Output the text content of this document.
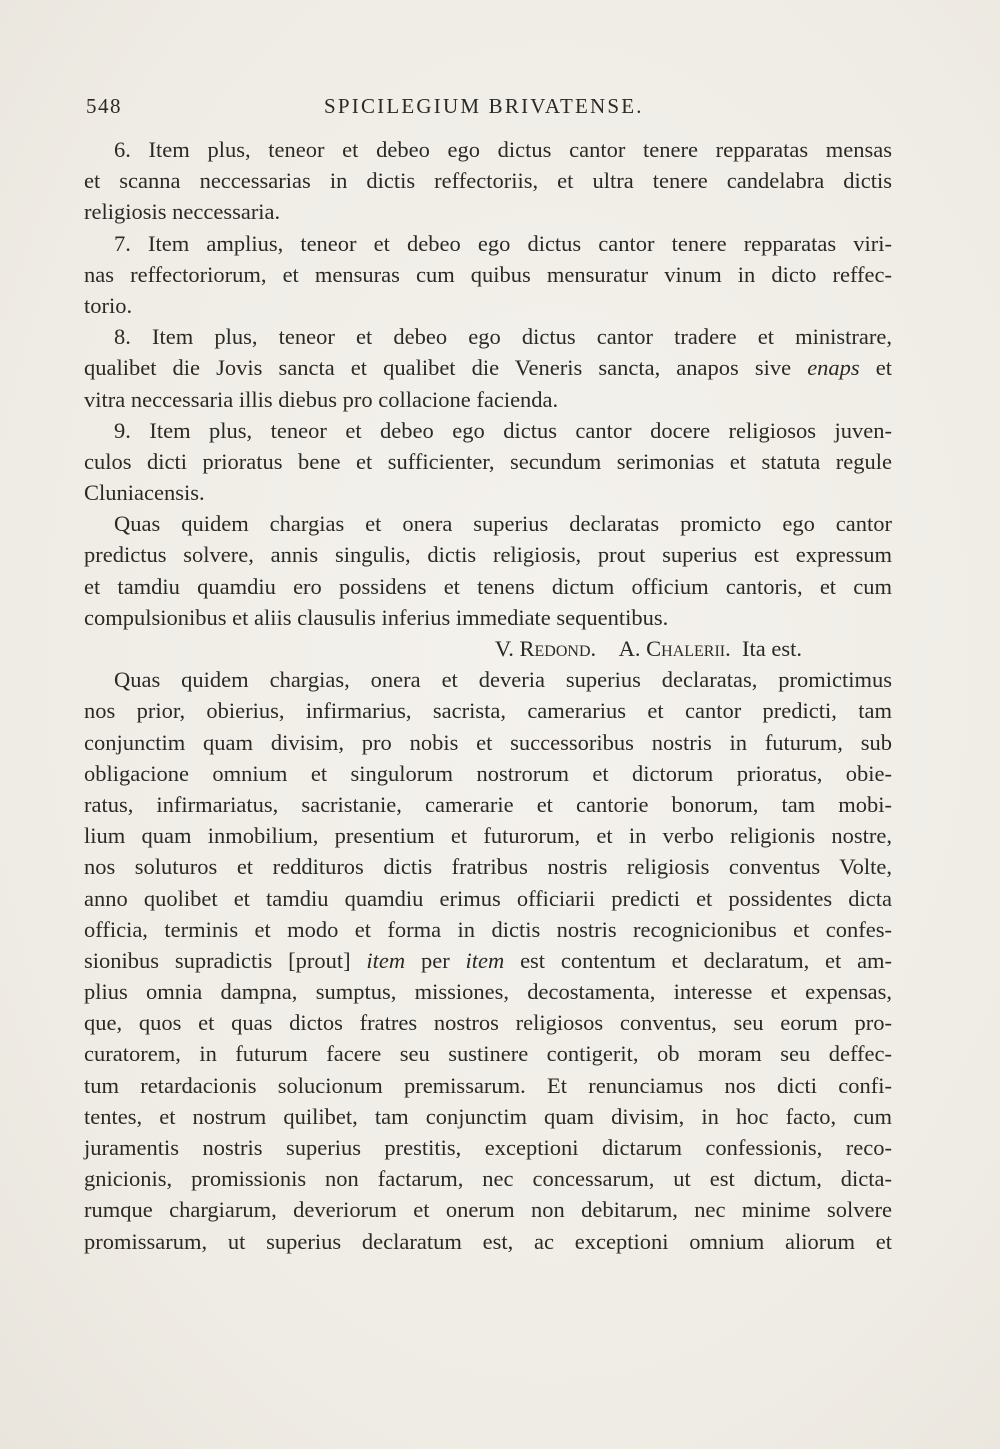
548	SPICILEGIUM BRIVATENSE.
6. Item plus, teneor et debeo ego dictus cantor tenere repparatas mensas
et scanna neccessarias in dictis reffectoriis, et ultra tenere candelabra dictis
religiosis neccessaria.
7. Item amplius, teneor et debeo ego dictus cantor tenere repparatas viri-
nas reffectoriorum, et mensuras cum quibus mensuratur vinum in dicto reffec-
torio.
8. Item plus, teneor et debeo ego dictus cantor tradere et ministrare,
qualibet die Jovis sancta et qualibet die Veneris sancta, anapos sive enaps et
vitra neccessaria illis diebus pro collacione facienda.
9. Item plus, teneor et debeo ego dictus cantor docere religiosos juven-
culos dicti prioratus bene et sufficienter, secundum serimonias et statuta regule
Cluniacensis.
Quas quidem chargias et onera superius declaratas promicto ego cantor
predictus solvere, annis singulis, dictis religiosis, prout superius est expressum
et tamdiu quamdiu ero possidens et tenens dictum officium cantoris, et cum
compulsionibus et aliis clausulis inferius immediate sequentibus.
V. Redond. A. Chalerii. Ita est.
Quas quidem chargias, onera et deveria superius declaratas, promictimus
nos prior, obierius, infirmarius, sacrista, camerarius et cantor predicti, tam
conjunctim quam divisim, pro nobis et successoribus nostris in futurum, sub
obligacione omnium et singulorum nostrorum et dictorum prioratus, obie-
ratus, infirmariatus, sacristanie, camerarie et cantorie bonorum, tam mobi-
lium quam inmobilium, presentium et futurorum, et in verbo religionis nostre,
nos soluturos et reddituros dictis fratribus nostris religiosis conventus Volte,
anno quolibet et tamdiu quamdiu erimus officiarii predicti et possidentes dicta
officia, terminis et modo et forma in dictis nostris recognicionibus et confes-
sionibus supradictis [prout] item per item est contentum et declaratum, et am-
plius omnia dampna, sumptus, missiones, decostamenta, interesse et expensas,
que, quos et quas dictos fratres nostros religiosos conventus, seu eorum pro-
curatorem, in futurum facere seu sustinere contigerit, ob moram seu deffec-
tum retardacionis solucionum premissarum. Et renunciamus nos dicti confi-
tentes, et nostrum quilibet, tam conjunctim quam divisim, in hoc facto, cum
juramentis nostris superius prestitis, exceptioni dictarum confessionis, reco-
gnicionis, promissionis non factarum, nec concessarum, ut est dictum, dicta-
rumque chargiarum, deveriorum et onerum non debitarum, nec minime solvere
promissarum, ut superius declaratum est, ac exceptioni omnium aliorum et
